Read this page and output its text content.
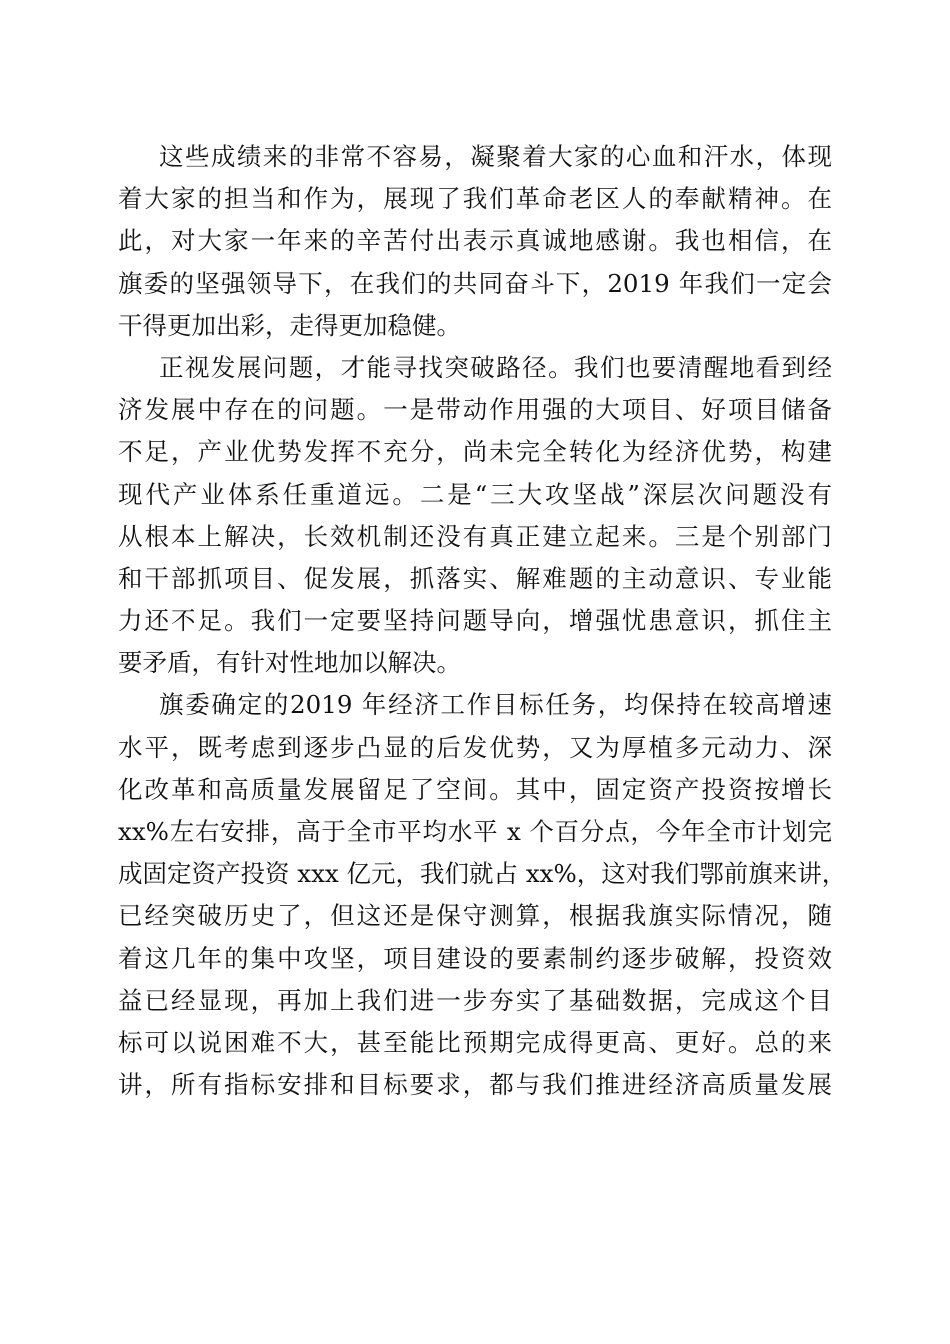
这些成绩来的非常不容易，凝聚着大家的心血和汗水，体现
着大家的担当和作为，展现了我们革命老区人的奉献精神。在
此，对大家一年来的辛苦付出表示真诚地感谢。我也相信，在
旗委的坚强领导下，在我们的共同奋斗下，2019 年我们一定会
干得更加出彩，走得更加稳健。
正视发展问题，才能寻找突破路径。我们也要清醒地看到经
济发展中存在的问题。一是带动作用强的大项目、好项目储备
不足，产业优势发挥不充分，尚未完全转化为经济优势，构建
现代产业体系任重道远。二是“三大攻坚战”深层次问题没有
从根本上解决，长效机制还没有真正建立起来。三是个别部门
和干部抓项目、促发展，抓落实、解难题的主动意识、专业能
力还不足。我们一定要坚持问题导向，增强忧患意识，抓住主
要矛盾，有针对性地加以解决。
旗委确定的2019 年经济工作目标任务，均保持在较高增速
水平，既考虑到逐步凸显的后发优势，又为厚植多元动力、深
化改革和高质量发展留足了空间。其中，固定资产投资按增长
xx%左右安排，高于全市平均水平 x 个百分点，今年全市计划完
成固定资产投资 xxx 亿元，我们就占 xx%，这对我们鄂前旗来讲，
已经突破历史了，但这还是保守测算，根据我旗实际情况，随
着这几年的集中攻坚，项目建设的要素制约逐步破解，投资效
益已经显现，再加上我们进一步夯实了基础数据，完成这个目
标可以说困难不大，甚至能比预期完成得更高、更好。总的来
讲，所有指标安排和目标要求，都与我们推进经济高质量发展
